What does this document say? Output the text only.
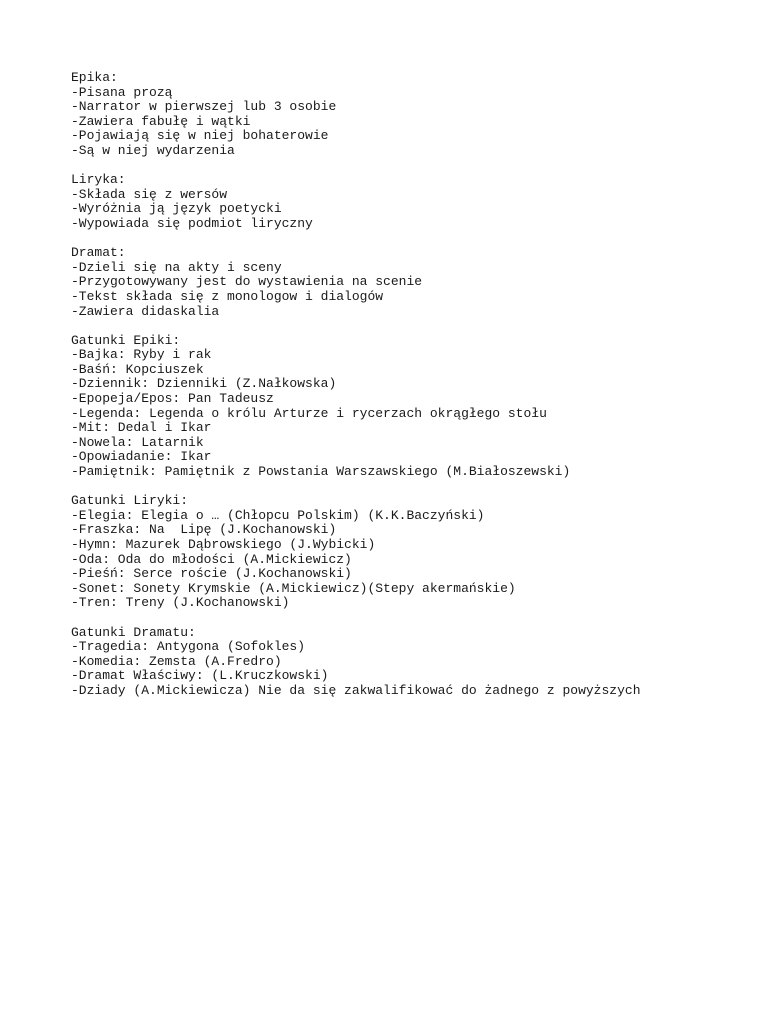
Epika:
-Pisana prozą
-Narrator w pierwszej lub 3 osobie
-Zawiera fabułę i wątki
-Pojawiają się w niej bohaterowie
-Są w niej wydarzenia
Liryka:
-Składa się z wersów
-Wyróżnia ją język poetycki
-Wypowiada się podmiot liryczny
Dramat:
-Dzieli się na akty i sceny
-Przygotowywany jest do wystawienia na scenie
-Tekst składa się z monologow i dialogów
-Zawiera didaskalia
Gatunki Epiki:
-Bajka: Ryby i rak
-Baśń: Kopciuszek
-Dziennik: Dzienniki (Z.Nałkowska)
-Epopeja/Epos: Pan Tadeusz
-Legenda: Legenda o królu Arturze i rycerzach okrągłego stołu
-Mit: Dedal i Ikar
-Nowela: Latarnik
-Opowiadanie: Ikar
-Pamiętnik: Pamiętnik z Powstania Warszawskiego (M.Białoszewski)
Gatunki Liryki:
-Elegia: Elegia o … (Chłopcu Polskim) (K.K.Baczyński)
-Fraszka: Na  Lipę (J.Kochanowski)
-Hymn: Mazurek Dąbrowskiego (J.Wybicki)
-Oda: Oda do młodości (A.Mickiewicz)
-Pieśń: Serce roście (J.Kochanowski)
-Sonet: Sonety Krymskie (A.Mickiewicz)(Stepy akermańskie)
-Tren: Treny (J.Kochanowski)
Gatunki Dramatu:
-Tragedia: Antygona (Sofokles)
-Komedia: Zemsta (A.Fredro)
-Dramat Właściwy: (L.Kruczkowski)
-Dziady (A.Mickiewicza) Nie da się zakwalifikować do żadnego z powyższych
